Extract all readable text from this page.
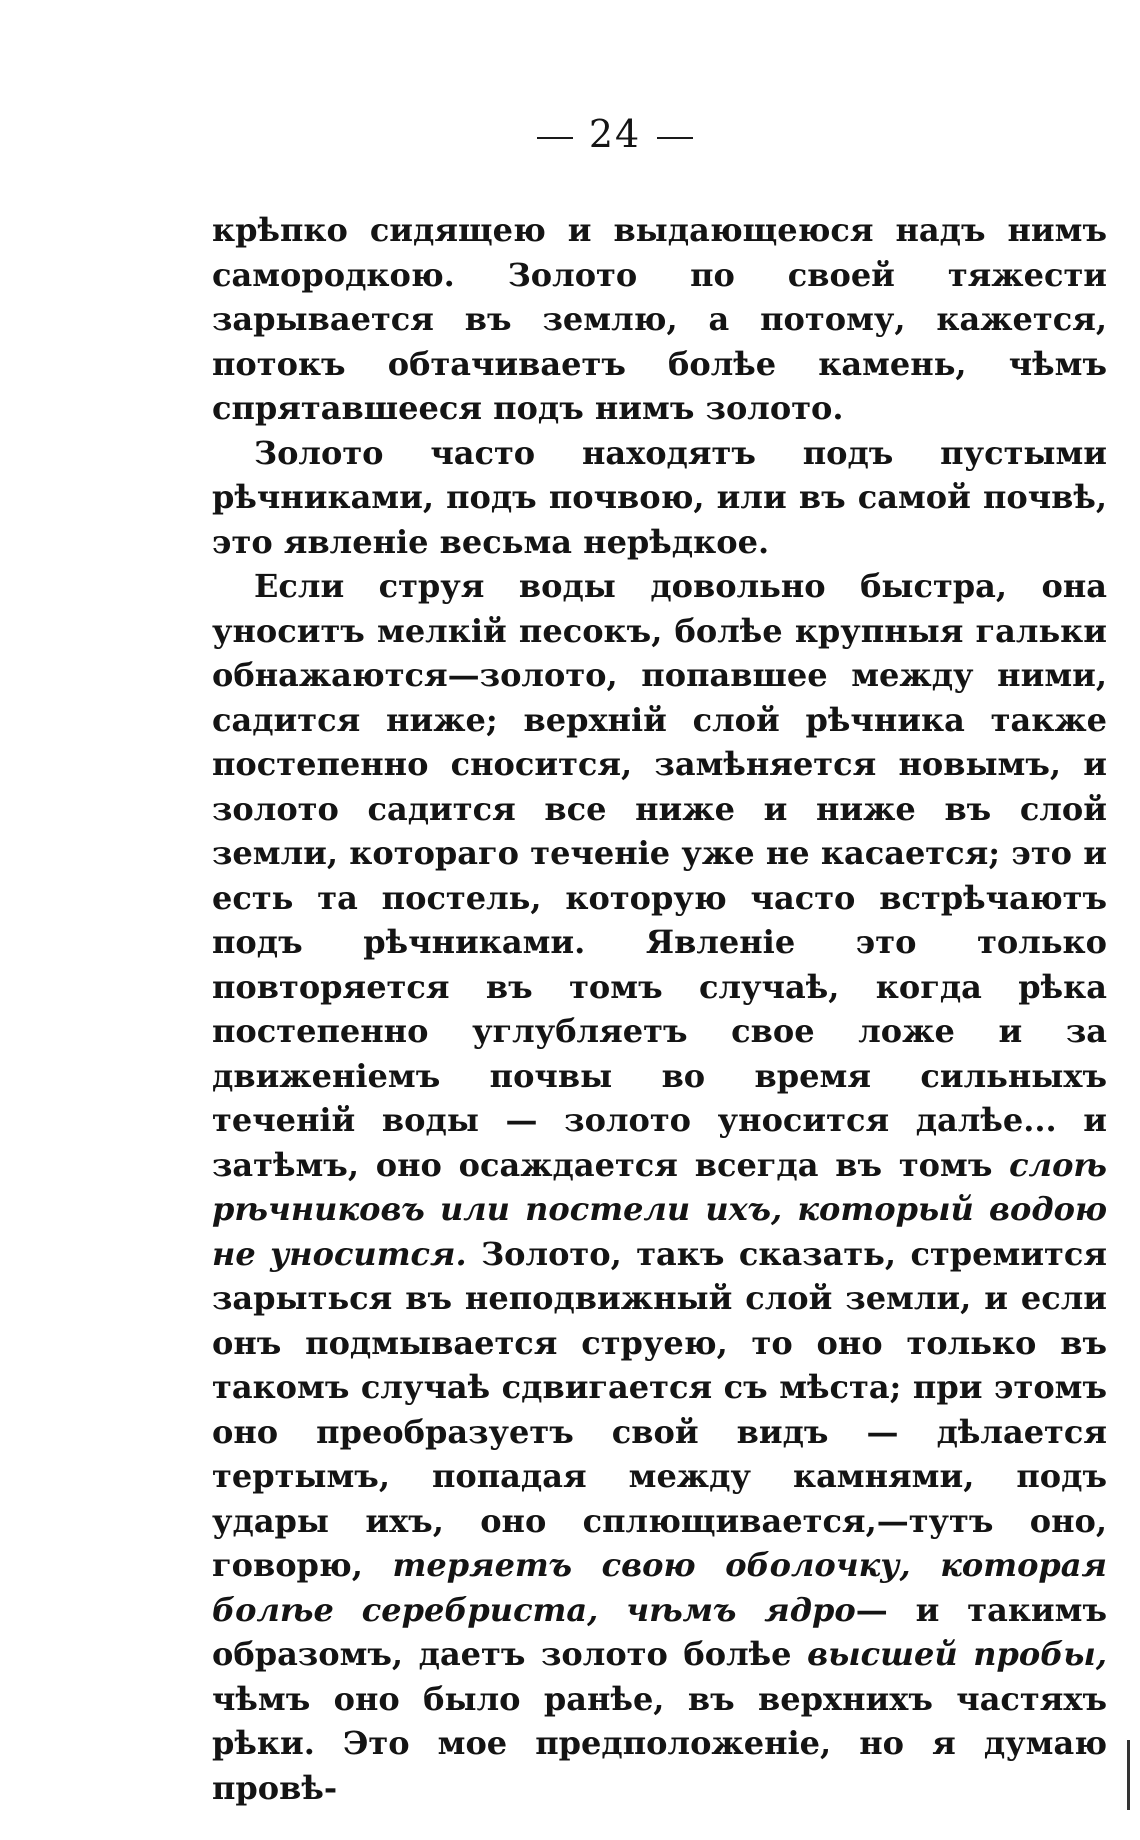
24

крѣпко сидящею и выдающеюся надъ нимъ самородкою. Золото по своей тяжести зарывается въ землю, а потому, кажется, потокъ обтачиваетъ болѣе камень, чѣмъ спрятавшееся подъ нимъ золото.

Золото часто находятъ подъ пустыми рѣчниками, подъ почвою, или въ самой почвѣ, это явленіе весьма нерѣдкое.

Если струя воды довольно быстра, она уноситъ мелкій песокъ, болѣе крупныя гальки обнажаются—золото, попавшее между ними, садится ниже; верхній слой рѣчника также постепенно сносится, замѣняется новымъ, и золото садится все ниже и ниже въ слой земли, котораго теченіе уже не касается; это и есть та постель, которую часто встрѣчаютъ подъ рѣчниками. Явленіе это только повторяется въ томъ случаѣ, когда рѣка постепенно углубляетъ свое ложе и за движеніемъ почвы во время сильныхъ теченій воды — золото уносится далѣе... и затѣмъ, оно осаждается всегда въ томъ слоѣ рѣчниковъ или постели ихъ, который водою не уносится. Золото, такъ сказать, стремится зарыться въ неподвижный слой земли, и если онъ подмывается струею, то оно только въ такомъ случаѣ сдвигается съ мѣста; при этомъ оно преобразуетъ свой видъ — дѣлается тертымъ, попадая между камнями, подъ удары ихъ, оно сплющивается,—тутъ оно, говорю, теряетъ свою оболочку, которая болѣе серебриста, чѣмъ ядро— и такимъ образомъ, даетъ золото болѣе высшей пробы, чѣмъ оно было ранѣе, въ верхнихъ частяхъ рѣки. Это мое предположеніе, но я думаю провѣ-
